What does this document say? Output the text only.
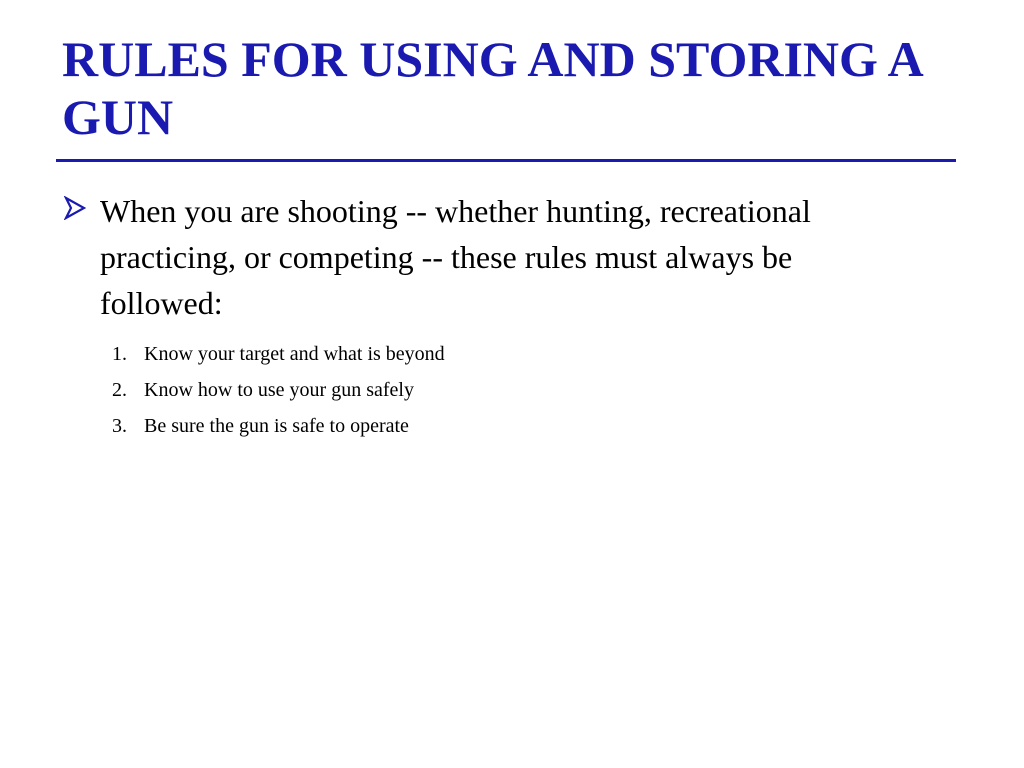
RULES FOR USING AND STORING A GUN
When you are shooting -- whether hunting, recreational practicing, or competing -- these rules must always be followed:
1. Know your target and what is beyond
2. Know how to use your gun safely
3. Be sure the gun is safe to operate
